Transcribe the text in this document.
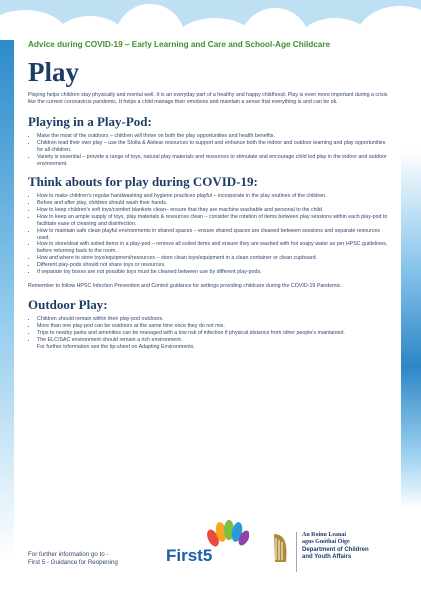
Advice during COVID-19 – Early Learning and Care and School-Age Childcare
Play

Playing helps children stay physically and mental well. It is an everyday part of a healthy and happy childhood. Play is even more important during a crisis like the current coronavirus pandemic. It helps a child manage their emotions and maintain a sense that everything is and can be ok.

Playing in a Play-Pod:
• Make the most of the outdoors – children will thrive on both the play opportunities and health benefits.
• Children lead their own play – use the Síolta & Aistear resources to support and enhance both the indoor and outdoor learning and play opportunities for all children.
• Variety is essential – provide a range of toys, natural play materials and resources to stimulate and encourage child led play in the indoor and outdoor environment.
Think abouts for play during COVID-19:
• How to make children's regular handwashing and hygiene practices playful – incorporate in the play routines of the children.
• Before and after play, children should wash their hands.
• How to keep children's soft toys/comfort blankets clean– ensure that they are machine washable and personal to the child.
• How to keep an ample supply of toys, play materials & resources clean – consider the rotation of items between play sessions within each play-pod to facilitate ease of cleaning and disinfection.
• How to maintain safe clean playful environments in shared spaces – ensure shared spaces are cleaned between sessions and separate resources used.
• How to store/deal with soiled items in a play-pod – remove all soiled items and ensure they are washed with hot soapy water as per HPSC guidelines, before returning back to the room.
• How and where to store toys/equipment/resources – store clean toys/equipment in a clean container or clean cupboard.
• Different play-pods should not share toys or resources.
• If separate toy boxes are not possible toys must be cleaned between use by different play-pods.

Remember to follow HPSC Infection Prevention and Control guidance for settings providing childcare during the COVID-19 Pandemic.

Outdoor Play:
• Children should remain within their play-pod outdoors.
• More than one play-pod can be outdoors at the same time once they do not mix.
• Trips to nearby parks and amenities can be managed with a low risk of infection if physical distance from other people's maintained.
• The ELC/SAC environment should remain a rich environment.
For further information see the tip-sheet on Adapting Environments.
For further information go to -
First 5 - Guidance for Reopening	First5
An Roinn Leanaí
agus Gnóthaí Óige
Department of Children
and Youth Affairs
